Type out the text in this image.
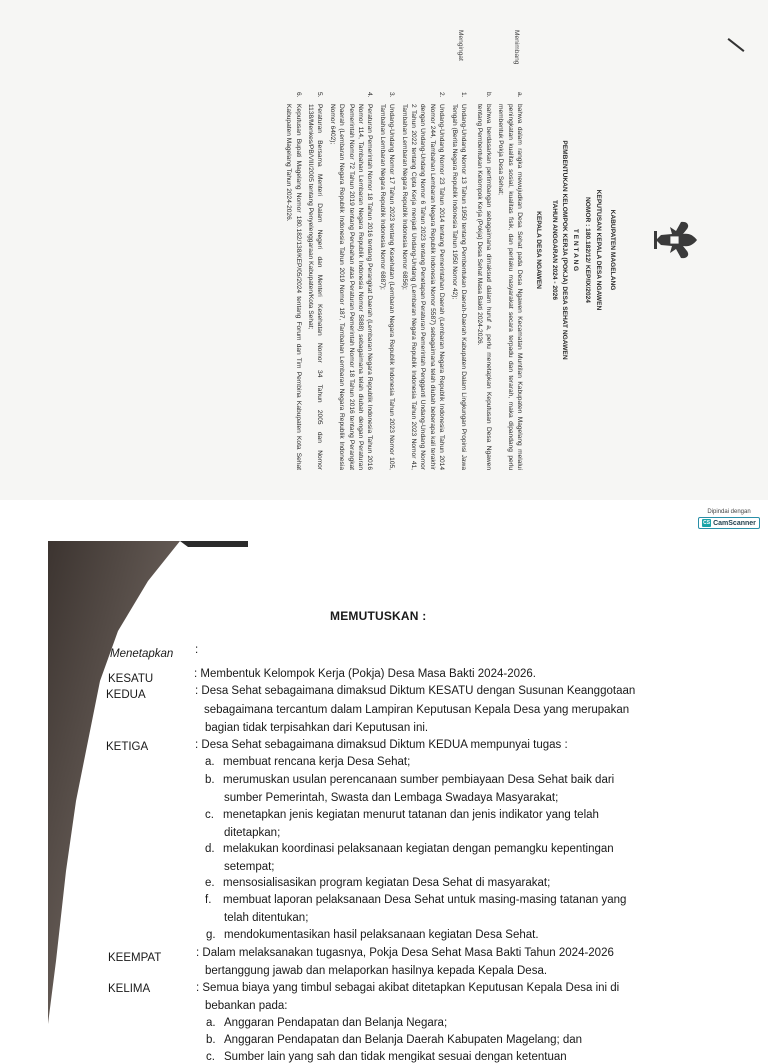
KABUPATEN MAGELANG
KEPUTUSAN KEPALA DESA NGAWEN
NOMOR : 180.182/12/ KEP/IX/2024
T E N T A N G
PEMBENTUKAN KELOMPOK KERJA (POKJA) DESA SEHAT NGAWEN
TAHUN ANGGARAN 2024 - 2026
KEPALA DESA NGAWEN
Menimbang
a.
bahwa dalam rangka mewujudkan Desa Sehat pada Desa Ngawen Kecamatan Muntilan Kabupaten Magelang melalui peningkatan kualitas sosial, kualitas fisik, dan perilaku masyarakat secara terpadu dan terarah, maka dipandang perlu membentuk Pokja Desa Sehat;
b.
bahwa berdasarkan pertimbangan sebagaimana dimaksud dalam huruf a, perlu menetapkan Keputusan Desa Ngawen tentang Pembentukan Kelompok Kerja (Pokja) Desa Sehat Masa Bakti 2024-2026.
Mengingat
1.
Undang-Undang Nomor 13 Tahun 1950 tentang Pembentukan Daerah-Daerah Kabupaten Dalam Lingkungan Propinsi Jawa Tengah (Berita Negara Republik Indonesia Tahun 1950 Nomor 42);
2.
Undang-Undang Nomor 23 Tahun 2014 tentang Pemerintahan Daerah (Lembaran Negara Republik Indonesia Tahun 2014 Nomor 244, Tambahan Lembaran Negara Republik Indonesia Nomor 5587) sebagaimana telah diubah beberapa kali terakhir dengan Undang-Undang Nomor 6 Tahun 2023 tentang Penetapan Peraturan Pemerintah Pengganti Undang-Undang Nomor 2 Tahun 2022 tentang Cipta Kerja menjadi Undang-Undang (Lembaran Negara Republik Indonesia Tahun 2023 Nomor 41, Tambahan Lembaran Negara Republik Indonesia Nomor 6856);
3.
Undang-Undang Nomor 17 Tahun 2023 tentang Kesehatan (Lembaran Negara Republik Indonesia Tahun 2023 Nomor 105, Tambahan Lembaran Negara Republik Indonesia Nomor 6887);
4.
Peraturan Pemerintah Nomor 18 Tahun 2016 tentang Perangkat Daerah (Lembaran Negara Republik Indonesia Tahun 2016 Nomor 114, Tambahan Lembaran Negara Republik Indonesia Nomor 5888) sebagaimana telah diubah dengan Peraturan Pemerintah Nomor 72 Tahun 2019 tentang Perubahan atas Peraturan Pemerintah Nomor 18 Tahun 2016 tentang Perangkat Daerah (Lembaran Negara Republik Indonesia Tahun 2019 Nomor 187, Tambahan Lembaran Negara Republik Indonesia Nomor 6402);
5.
Peraturan Bersama Menteri Dalam Negeri dan Menteri Kesehatan Nomor 34 Tahun 2005 dan Nomor 1138/Menkes/PB/VIII/2005 tentang Penyelenggaraan Kabupaten/Kota Sehat;
6.
Keputusan Bupati Magelang Nomor 180.182/138/KEP/05/2024 tentang Forum dan Tim Pembina Kabupaten Kota Sehat Kabupaten Magelang Tahun 2024-2026.
Dipindai dengan
CS CamScanner
MEMUTUSKAN :
Menetapkan :
KESATU	: Membentuk Kelompok Kerja (Pokja) Desa Masa Bakti 2024-2026.
KEDUA	: Desa Sehat sebagaimana dimaksud Diktum KESATU dengan Susunan Keanggotaan
sebagaimana tercantum dalam Lampiran Keputusan Kepala Desa yang merupakan
bagian tidak terpisahkan dari Keputusan ini.
KETIGA	: Desa Sehat sebagaimana dimaksud Diktum KEDUA mempunyai tugas :
a. membuat rencana kerja Desa Sehat;
b. merumuskan usulan perencanaan sumber pembiayaan Desa Sehat baik dari
sumber Pemerintah, Swasta dan Lembaga Swadaya Masyarakat;
c. menetapkan jenis kegiatan menurut tatanan dan jenis indikator yang telah
ditetapkan;
d. melakukan koordinasi pelaksanaan kegiatan dengan pemangku kepentingan
setempat;
e. mensosialisasikan program kegiatan Desa Sehat di masyarakat;
f. membuat laporan pelaksanaan Desa Sehat untuk masing-masing tatanan yang
telah ditentukan;
g. mendokumentasikan hasil pelaksanaan kegiatan Desa Sehat.
KEEMPAT	: Dalam melaksanakan tugasnya, Pokja Desa Sehat Masa Bakti Tahun 2024-2026
bertanggung jawab dan melaporkan hasilnya kepada Kepala Desa.
KELIMA	: Semua biaya yang timbul sebagai akibat ditetapkan Keputusan Kepala Desa ini di
bebankan pada:
a. Anggaran Pendapatan dan Belanja Negara;
b. Anggaran Pendapatan dan Belanja Daerah Kabupaten Magelang; dan
c. Sumber lain yang sah dan tidak mengikat sesuai dengan ketentuan
